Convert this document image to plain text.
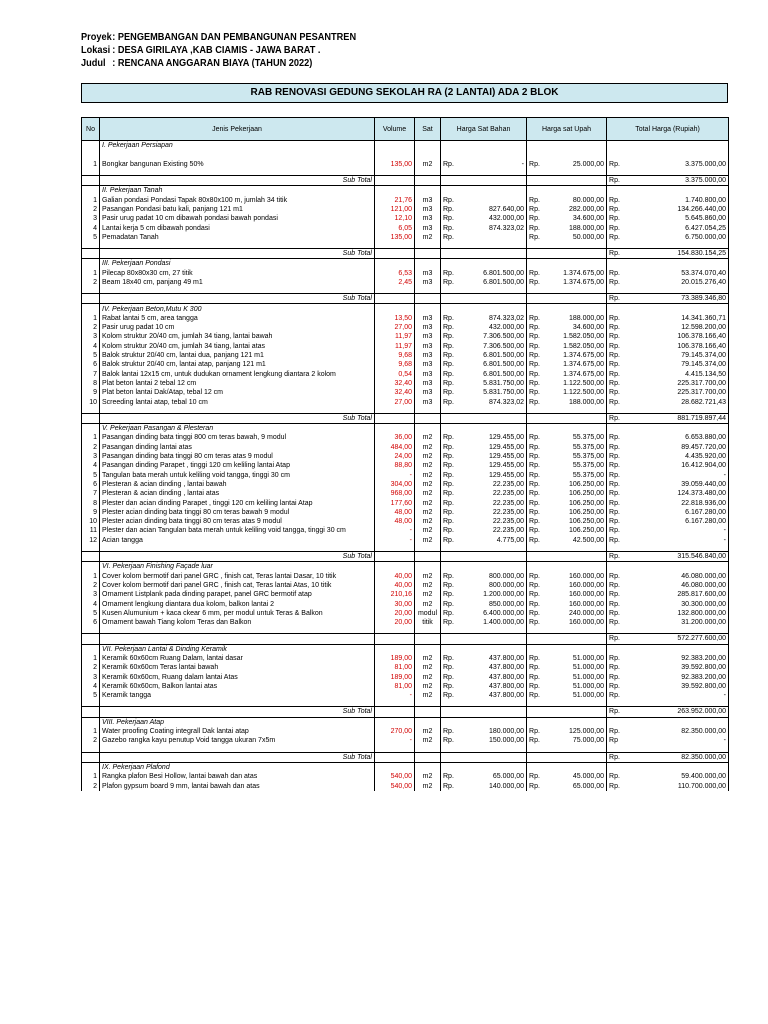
Proyek: PENGEMBANGAN DAN PEMBANGUNAN PESANTREN
Lokasi : DESA GIRILAYA ,KAB CIAMIS - JAWA BARAT .
Judul : RENCANA ANGGARAN BIAYA (TAHUN 2022)
RAB RENOVASI GEDUNG SEKOLAH RA (2 LANTAI) ADA 2 BLOK
No	Jenis Pekerjaan	Volume	Sat	Harga Sat Bahan		Harga sat Upah		Total Harga (Rupiah)	
	I. Pekerjaan Persiapan								

1	Bongkar bangunan Existing 50%	135,00	m2	Rp.	-	Rp.	25.000,00	Rp.	3.375.000,00

	Sub Total							Rp.	3.375.000,00
	II. Pekerjaan Tanah								
1	Galian pondasi Pondasi Tapak 80x80x100 m, jumlah 34 titik	21,76	m3	Rp.		Rp.	80.000,00	Rp.	1.740.800,00
2	Pasangan Pondasi batu kali, panjang 121 m1	121,00	m3	Rp.	827.640,00	Rp.	282.000,00	Rp.	134.266.440,00
3	Pasir urug padat 10 cm dibawah pondasi bawah pondasi	12,10	m3	Rp.	432.000,00	Rp.	34.600,00	Rp.	5.645.860,00
4	Lantai kerja 5 cm dibawah pondasi	6,05	m3	Rp.	874.323,02	Rp.	188.000,00	Rp.	6.427.054,25
5	Pemadatan Tanah	135,00	m2	Rp.		Rp.	50.000,00	Rp.	6.750.000,00

	Sub Total							Rp.	154.830.154,25
	III. Pekerjaan Pondasi								
1	Pilecap 80x80x30 cm, 27 titik	6,53	m3	Rp.	6.801.500,00	Rp.	1.374.675,00	Rp.	53.374.070,40
2	Beam 18x40 cm, panjang 49 m1	2,45	m3	Rp.	6.801.500,00	Rp.	1.374.675,00	Rp.	20.015.276,40

	Sub Total							Rp.	73.389.346,80
	IV. Pekerjaan Beton,Mutu K 300								
1	Rabat lantai 5 cm, area tangga	13,50	m3	Rp.	874.323,02	Rp.	188.000,00	Rp.	14.341.360,71
2	Pasir urug padat 10 cm	27,00	m3	Rp.	432.000,00	Rp.	34.600,00	Rp.	12.598.200,00
3	Kolom struktur 20/40 cm, jumlah 34 tiang, lantai bawah	11,97	m3	Rp.	7.306.500,00	Rp.	1.582.050,00	Rp.	106.378.166,40
4	Kolom struktur 20/40 cm, jumlah 34 tiang, lantai atas	11,97	m3	Rp.	7.306.500,00	Rp.	1.582.050,00	Rp.	106.378.166,40
5	Balok struktur 20/40 cm, lantai dua, panjang 121 m1	9,68	m3	Rp.	6.801.500,00	Rp.	1.374.675,00	Rp.	79.145.374,00
6	Balok struktur 20/40 cm, lantai atap, panjang 121 m1	9,68	m3	Rp.	6.801.500,00	Rp.	1.374.675,00	Rp.	79.145.374,00
7	Balok lantai 12x15 cm, untuk dudukan ornament lengkung diantara 2 kolom	0,54	m3	Rp.	6.801.500,00	Rp.	1.374.675,00	Rp.	4.415.134,50
8	Plat beton lantai 2 tebal 12 cm	32,40	m3	Rp.	5.831.750,00	Rp.	1.122.500,00	Rp.	225.317.700,00
9	Plat beton lantai Dak/Atap, tebal 12 cm	32,40	m3	Rp.	5.831.750,00	Rp.	1.122.500,00	Rp.	225.317.700,00
10	Screeding lantai atap, tebal 10 cm	27,00	m3	Rp.	874.323,02	Rp.	188.000,00	Rp.	28.682.721,43

	Sub Total							Rp.	881.719.897,44
	V. Pekerjaan Pasangan & Plesteran								
1	Pasangan dinding bata tinggi 800 cm teras bawah, 9 modul	36,00	m2	Rp.	129.455,00	Rp.	55.375,00	Rp.	6.653.880,00
2	Pasangan dinding lantai atas	484,00	m2	Rp.	129.455,00	Rp.	55.375,00	Rp.	89.457.720,00
3	Pasangan dinding bata tinggi 80 cm teras atas 9 modul	24,00	m2	Rp.	129.455,00	Rp.	55.375,00	Rp.	4.435.920,00
4	Pasangan dinding Parapet , tinggi 120 cm keliling lantai Atap	88,80	m2	Rp.	129.455,00	Rp.	55.375,00	Rp.	16.412.904,00
5	Tangulan bata merah untuk keliling void tangga, tinggi 30 cm	-	m2	Rp.	129.455,00	Rp.	55.375,00	Rp.	-
6	Plesteran & acian dinding , lantai bawah	304,00	m2	Rp.	22.235,00	Rp.	106.250,00	Rp.	39.059.440,00
7	Plesteran & acian dinding , lantai atas	968,00	m2	Rp.	22.235,00	Rp.	106.250,00	Rp.	124.373.480,00
8	Plester dan acian dinding Parapet , tinggi 120 cm keliling lantai Atap	177,60	m2	Rp.	22.235,00	Rp.	106.250,00	Rp.	22.818.936,00
9	Plester acian dinding bata tinggi 80 cm teras bawah 9 modul	48,00	m2	Rp.	22.235,00	Rp.	106.250,00	Rp.	6.167.280,00
10	Plester acian dinding bata tinggi 80 cm teras atas 9 modul	48,00	m2	Rp.	22.235,00	Rp.	106.250,00	Rp.	6.167.280,00
11	Plester dan acian Tangulan bata merah untuk keliling void tangga, tinggi 30 cm	-	m2	Rp.	22.235,00	Rp.	106.250,00	Rp.	-
12	Acian tangga	-	m2	Rp.	4.775,00	Rp.	42.500,00	Rp.	-

	Sub Total							Rp.	315.546.840,00
	VI. Pekerjaan Finishing Façade luar								
1	Cover kolom bermotif dari panel GRC , finish cat, Teras lantai Dasar, 10 titik	40,00	m2	Rp.	800.000,00	Rp.	160.000,00	Rp.	46.080.000,00
2	Cover kolom bermotif dari panel GRC , finish cat, Teras lantai Atas, 10 titik	40,00	m2	Rp.	800.000,00	Rp.	160.000,00	Rp.	46.080.000,00
3	Ornament Listplank pada dinding parapet, panel GRC bermotif atap	210,16	m2	Rp.	1.200.000,00	Rp.	160.000,00	Rp.	285.817.600,00
4	Ornament lengkung diantara dua kolom, balkon lantai 2	30,00	m2	Rp.	850.000,00	Rp.	160.000,00	Rp.	30.300.000,00
5	Kusen Alumunium + kaca ckear 6 mm, per modul untuk Teras & Balkon	20,00	modul	Rp.	6.400.000,00	Rp.	240.000,00	Rp.	132.800.000,00
6	Ornament bawah Tiang kolom Teras dan Balkon	20,00	titik	Rp.	1.400.000,00	Rp.	160.000,00	Rp.	31.200.000,00

								Rp.	572.277.600,00
	VII. Pekerjaan Lantai & Dinding Keramik								
1	Keramik 60x60cm Ruang Dalam, lantai dasar	189,00	m2	Rp.	437.800,00	Rp.	51.000,00	Rp.	92.383.200,00
2	Keramik 60x60cm Teras lantai bawah	81,00	m2	Rp.	437.800,00	Rp.	51.000,00	Rp.	39.592.800,00
3	Keramik 60x60cm, Ruang dalam lantai Atas	189,00	m2	Rp.	437.800,00	Rp.	51.000,00	Rp.	92.383.200,00
4	Keramik 60x60cm, Balkon lantai atas	81,00	m2	Rp.	437.800,00	Rp.	51.000,00	Rp.	39.592.800,00
5	Keramik tangga	-	m2	Rp.	437.800,00	Rp.	51.000,00	Rp.	-

	Sub Total							Rp.	263.952.000,00
	VIII. Pekerjaan Atap								
1	Water proofing Coating integrall Dak lantai atap	270,00	m2	Rp.	180.000,00	Rp.	125.000,00	Rp.	82.350.000,00
2	Gazebo rangka kayu penutup Void tangga ukuran 7x5m	-	m2	Rp.	150.000,00	Rp.	75.000,00	Rp	-

	Sub Total							Rp.	82.350.000,00
	IX. Pekerjaan Plafond								
1	Rangka plafon Besi Hollow, lantai bawah dan atas	540,00	m2	Rp.	65.000,00	Rp.	45.000,00	Rp.	59.400.000,00
2	Plafon gypsum board 9 mm, lantai bawah dan atas	540,00	m2	Rp.	140.000,00	Rp.	65.000,00	Rp.	110.700.000,00
